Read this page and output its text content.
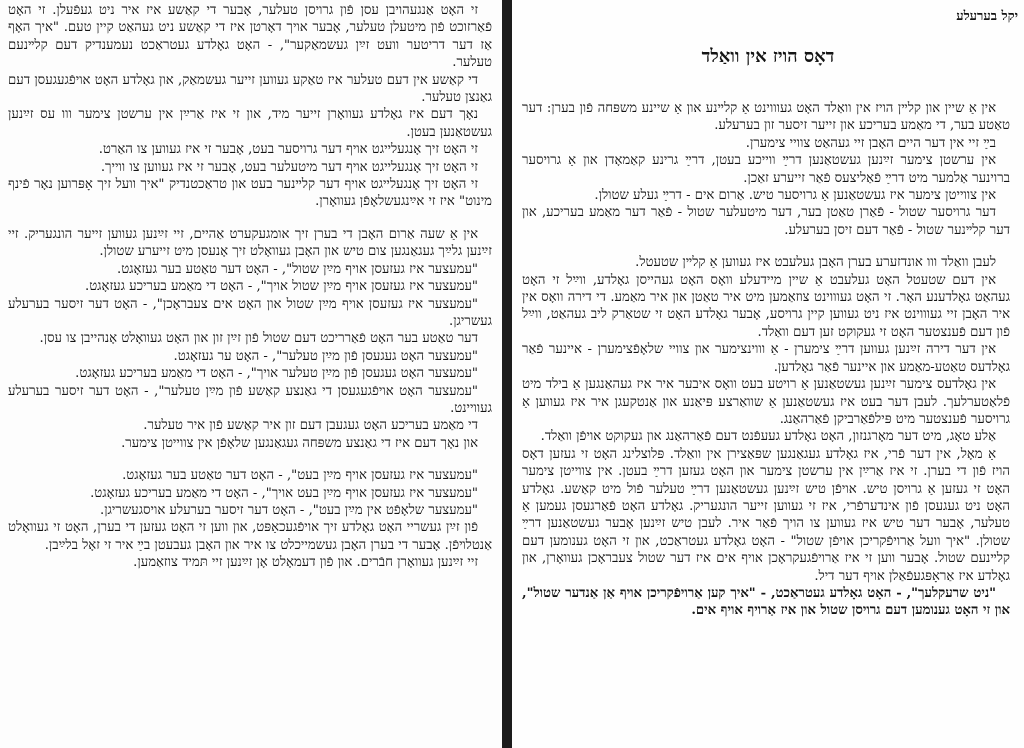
זי האָט אַנגעהויבן עסן פֿון גרויסן טעלער, אָבער די קאַשע איז איר ניט געפֿעלן. זי האָט פֿאַרזוכט פֿון מיטעלן טעלער, אָבער אויך דאָרטן איז די קאַשע ניט געהאַט קיין טעם. "איך האָף אַז דער דריטער וועט זײַן געשמאַקער", - האָט גאָלדע געטראַכט נעמענדיק דעם קלײנעם טעלער.

די קאַשע אין דעם טעלער איז טאַקע געווען זייער געשמאַק, און גאָלדע האָט אויפֿגעגעסן דעם גאַנצן טעלער.

נאָך דעם איז גאָלדע געוואָרן זייער מיד, און זי איז אַרײַן אין ערשטן צימער ווו עס זײַנען געשטאַנען בעטן.

זי האָט זיך אָנגעלייגט אויף דער גרויסער בעט, אָבער זי איז געווען צו האַרט.

זי האָט זיך אָנגעלייגט אויף דער מיטעלער בעט, אָבער זי איז געווען צו ווייך.

זי האָט זיך אָנגעלייגט אויף דער קלײנער בעט און טראַכטנדיק "איך וועל זיך אָפּרוען נאָר פֿינף מינוט" איז זי אײַנגעשלאָפֿן געוואָרן.

אין אַ שעה אַרום האָבן די בערן זיך אומגעקערט אַהיים, זיי זײַנען געווען זייער הונגעריק. זיי זײַנען גלײַך געגאַנגען צום טיש און האָבן געוואָלט זיך אָנעסן מיט זייערע שטולן.

"עמעצער איז געזעסן אויף מײַן שטול", - האָט דער טאַטע בער געזאָגט.

"עמעצער איז געזעסן אויף מײַן שטול אויך", - האָט די מאַמע בעריכע געזאָגט.

"עמעצער איז געזעסן אויף מײַן שטול און האָט אים צעבראָכן", - האָט דער זיסער בערעלע געשריגן.

דער טאַטע בער האָט פֿאַרריכט דעם שטול פֿון זײַן זון און האָט געוואָלט אָנהייבן צו עסן.

"עמעצער האָט געגעסן פֿון מײַן טעלער", - האָט ער געזאָגט.

"עמעצער האָט געגעסן פֿון מײַן טעלער אויך", - האָט די מאַמע בעריכע געזאָגט.

"עמעצער האָט אויפֿגעגעסן די גאַנצע קאַשע פֿון מײַן טעלער", - האָט דער זיסער בערעלע געוויינט.

די מאַמע בעריכע האָט געגעבן דעם זון איר קאַשע פֿון איר טעלער.

און נאָך דעם איז די גאַנצע משפּחה געגאַנגען שלאָפֿן אין צווייטן צימער.

"עמעצער איז געזעסן אויף מײַן בעט", - האָט דער טאַטע בער געזאָגט.

"עמעצער איז געזעסן אויף מײַן בעט אויך", - האָט די מאַמע בעריכע געזאָגט.

"עמעצער שלאָפֿט אין מײַן בעט", - האָט דער זיסער בערעלע אויסגעשריגן.

פֿון זײַן געשריי האָט גאָלדע זיך אויפֿגעכאַפּט, און ווען זי האָט געזען די בערן, האָט זי געוואָלט אַנטלױפֿן. אָבער די בערן האָבן געשמייכלט צו איר און האָבן געבעטן בײַ איר זי זאָל בלײַבן.

זיי זײַנען געוואָרן חבֿרים. און פֿון דעמאָלט אָן זײַנען זיי תּמיד צוזאַמען.

יקל בערעלע
דאָס הויז אין וואַלד

אין אַ שיין און קלײן הויז אין וואַלד האָט געוווינט אַ קלײנע און אַ שיינע משפּחה פֿון בערן: דער טאַטע בער, די מאַמע בעריכע און זייער זיסער זון בערעלע.

בײַ זיי אין דער היים האָבן זיי געהאַט צוויי צימערן.

אין ערשטן צימער זײַנען געשטאַנען דרײַ ווייכע בעטן, דרײַ גרינע קאַמאָדן און אַ גרויסער ברוינער אַלמער מיט דרײַ פֿאַליצעס פֿאַר זייערע זאַכן.

אין צווייטן צימער איז געשטאַנען אַ גרויסער טיש. אַרום אים - דרײַ געלע שטולן.

דער גרויסער שטול - פֿאַרן טאַטן בער, דער מיטעלער שטול - פֿאַר דער מאַמע בעריכע, און דער קלײנער שטול - פֿאַר דעם זיסן בערעלע.

לעבן וואַלד ווו אונדזערע בערן האָבן געלעבט איז געווען אַ קלײן שטעטל.

אין דעם שטעטל האָט געלעבט אַ שיין מיידעלע וואָס האָט געהייסן גאָלדע, ווײַל זי האָט געהאַט גאָלדענע האָר. זי האָט געוווינט צוזאַמען מיט איר טאַטן און איר מאַמע. די דירה וואָס אין איר האָבן זיי געוווינט איז ניט געווען קיין גרויסע, אָבער גאָלדע האָט זי שטאַרק ליב געהאַט, ווײַל פֿון דעם פֿענצטער האָט זי געקוקט זען דעם וואַלד.

אין דער דירה זײַנען געווען דרײַ צימערן - אַ וווינצימער און צוויי שלאָפֿצימערן - איינער פֿאַר גאָלדעס טאַטע-מאַמע און איינער פֿאַר גאָלדען.

אין גאָלדעס צימער זײַנען געשטאַנען אַ רויטע בעט וואָס איבער איר איז געהאַנגען אַ בילד מיט פֿלאַטערלעך. לעבן דער בעט איז געשטאַנען אַ שוואַרצע פּיאַנע און אַנטקעגן איר איז געווען אַ גרויסער פֿענצטער מיט פּילפֿאַרביקן פֿאַרהאַנג.

אַלע טאָג, מיט דער מאָרגנזון, האָט גאָלדע געעפֿנט דעם פֿאַרהאַנג און געקוקט אויפֿן וואַלד.

אַ מאָל, אין דער פֿרי, איז גאָלדע געגאַנגען שפּאַצירן אין וואַלד. פּלוצלינג האָט זי געזען דאָס הויז פֿון די בערן. זי איז אַרײַן אין ערשטן צימער און האָט געזען דרײַ בעטן. אין צווייטן צימער האָט זי געזען אַ גרויסן טיש. אויפֿן טיש זײַנען געשטאַנען דרײַ טעלער פֿול מיט קאַשע. גאָלדע האָט ניט געגעסן פֿון אינדערפֿרי, איז זי געווען זייער הונגעריק. גאָלדע האָט פֿאַרגעסן געמען אַ טעלער, אָבער דער טיש איז געווען צו הויך פֿאַר איר. לעבן טיש זײַנען אָבער געשטאַנען דרײַ שטולן. "איך וועל אַרויפֿקריכן אויפֿן שטול" - האָט גאָלדע געטראַכט, און זי האָט גענומען דעם קלײנעם שטול. אָבער ווען זי איז אַרויפֿגעקראָכן אויף אים איז דער שטול צעבראָכן געוואָרן, און גאָלדע איז אַראָפּגעפֿאַלן אויף דער דיל.

"ניט שרעקלעך", - האָט גאָלדע געטראַכט, - "איך קען אַרויפֿקריכן אויף אַן אַנדער שטול", און זי האָט גענומען דעם גרויסן שטול און איז אַרויף אויף אים.
